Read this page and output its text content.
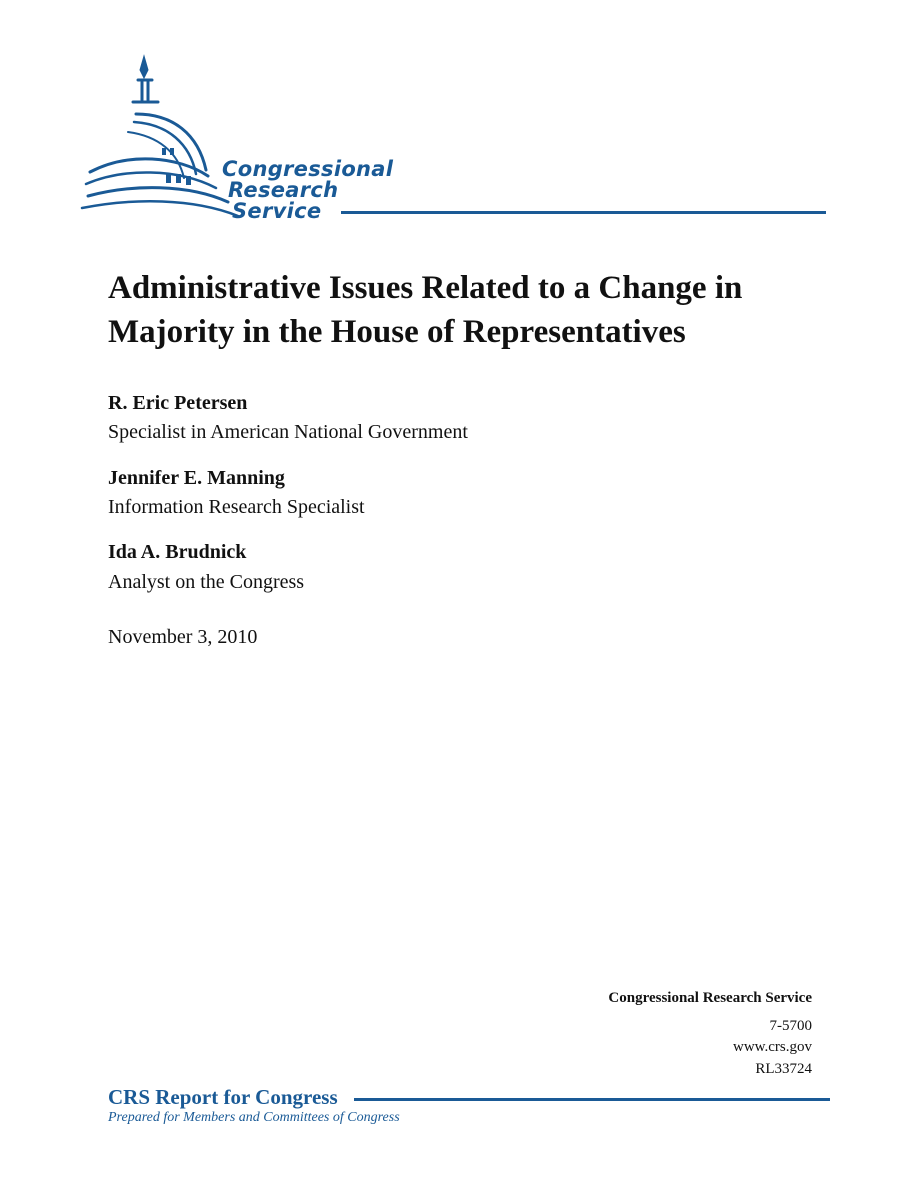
Congressional
Research
Service
Administrative Issues Related to a Change in Majority in the House of Representatives
R. Eric Petersen
Specialist in American National Government
Jennifer E. Manning
Information Research Specialist
Ida A. Brudnick
Analyst on the Congress
November 3, 2010
Congressional Research Service
7-5700
www.crs.gov
RL33724
CRS Report for Congress
Prepared for Members and Committees of Congress
